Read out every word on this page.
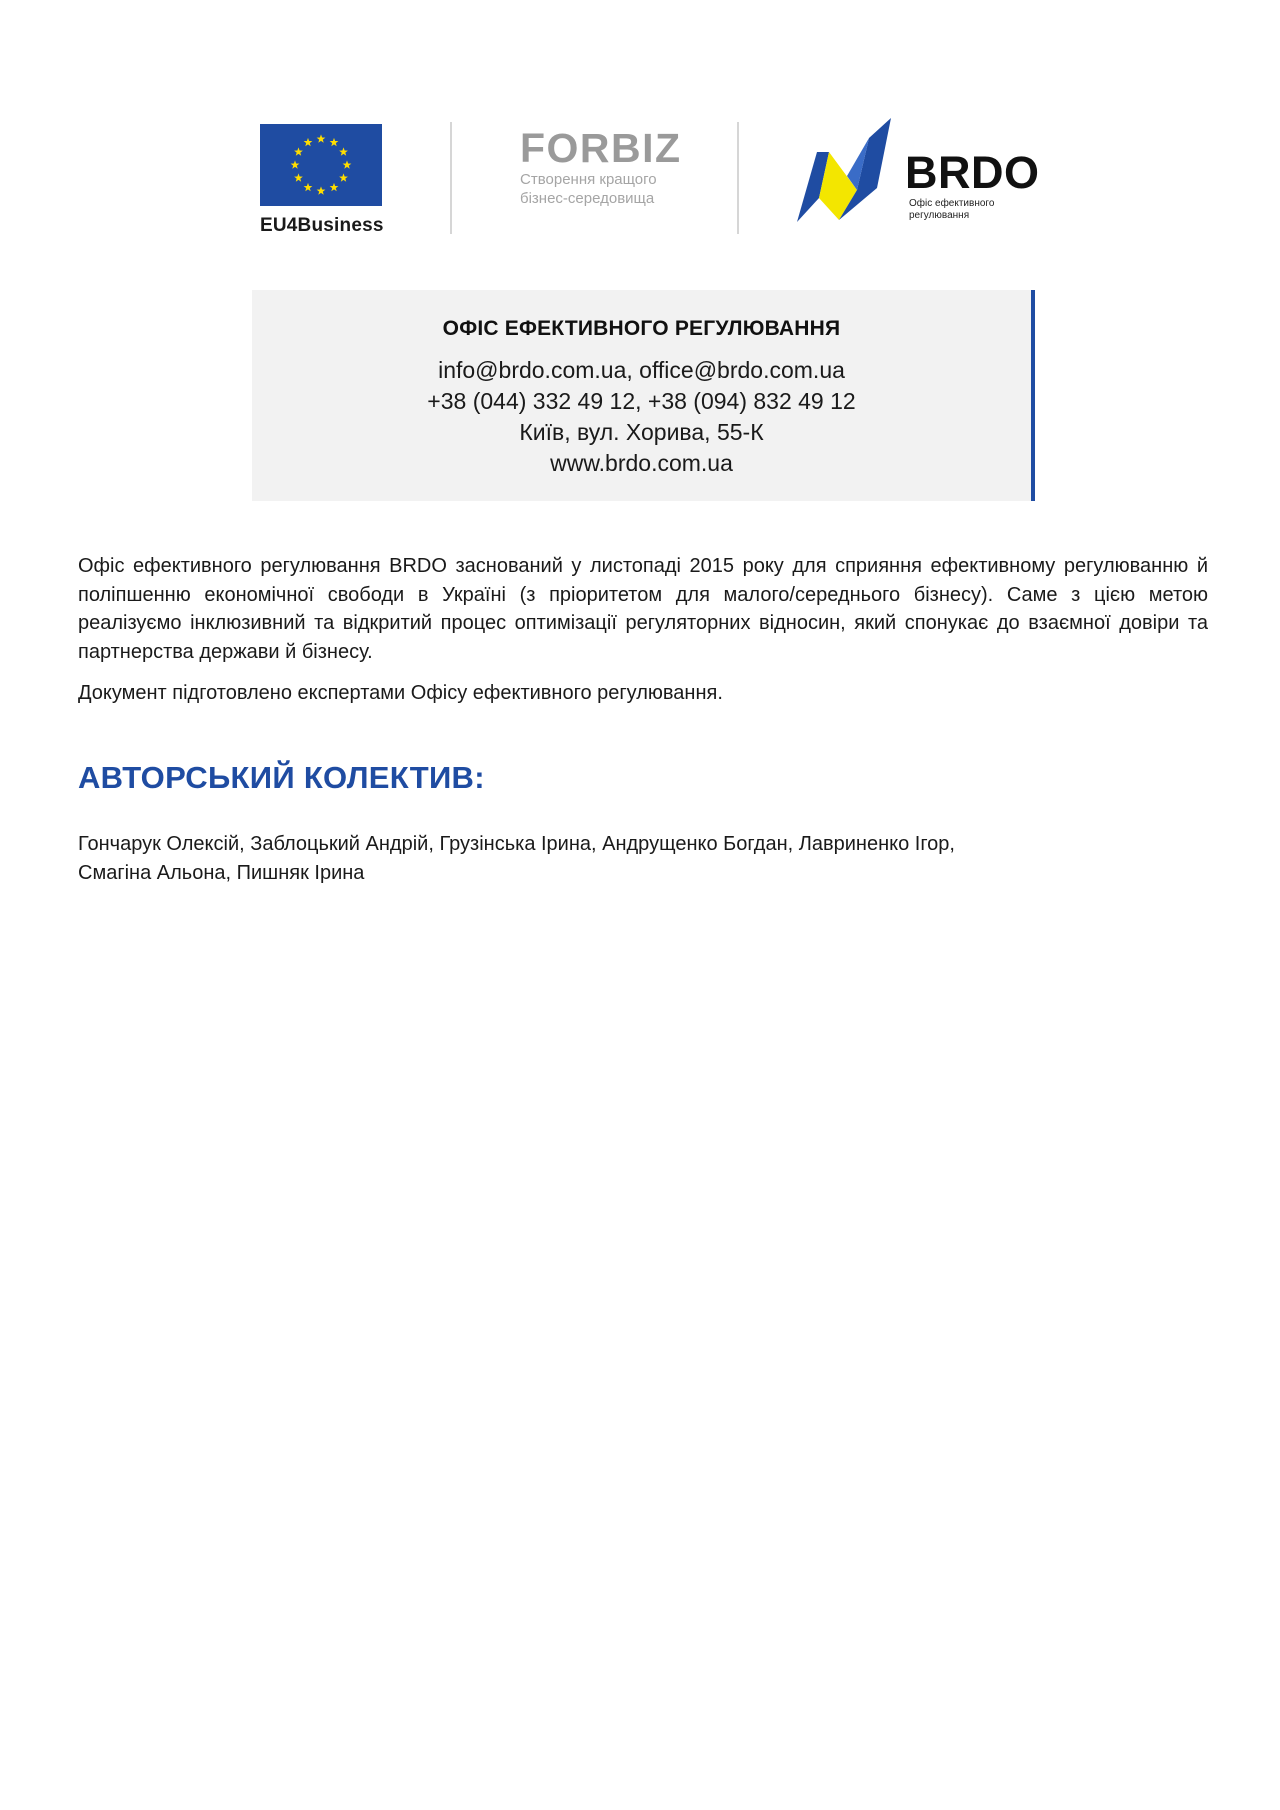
EU4Business
FORBIZ
Створення кращого
бізнес-середовища
BRDO
Офіс ефективного
регулювання
ОФІС ЕФЕКТИВНОГО РЕГУЛЮВАННЯ
info@brdo.com.ua, office@brdo.com.ua
+38 (044) 332 49 12, +38 (094) 832 49 12
Київ, вул. Хорива, 55-К
www.brdo.com.ua

Офіс ефективного регулювання BRDO заснований у листопаді 2015 року для сприяння ефективному регулюванню й поліпшенню економічної свободи в Україні (з пріоритетом для малого/середнього бізнесу). Саме з цією метою реалізуємо інклюзивний та відкритий процес оптимізації регуляторних відносин, який спонукає до взаємної довіри та партнерства держави й бізнесу.

Документ підготовлено експертами Офісу ефективного регулювання.

АВТОРСЬКИЙ КОЛЕКТИВ:

Гончарук Олексій, Заблоцький Андрій, Грузінська Ірина, Андрущенко Богдан, Лавриненко Ігор,
Смагіна Альона, Пишняк Ірина
